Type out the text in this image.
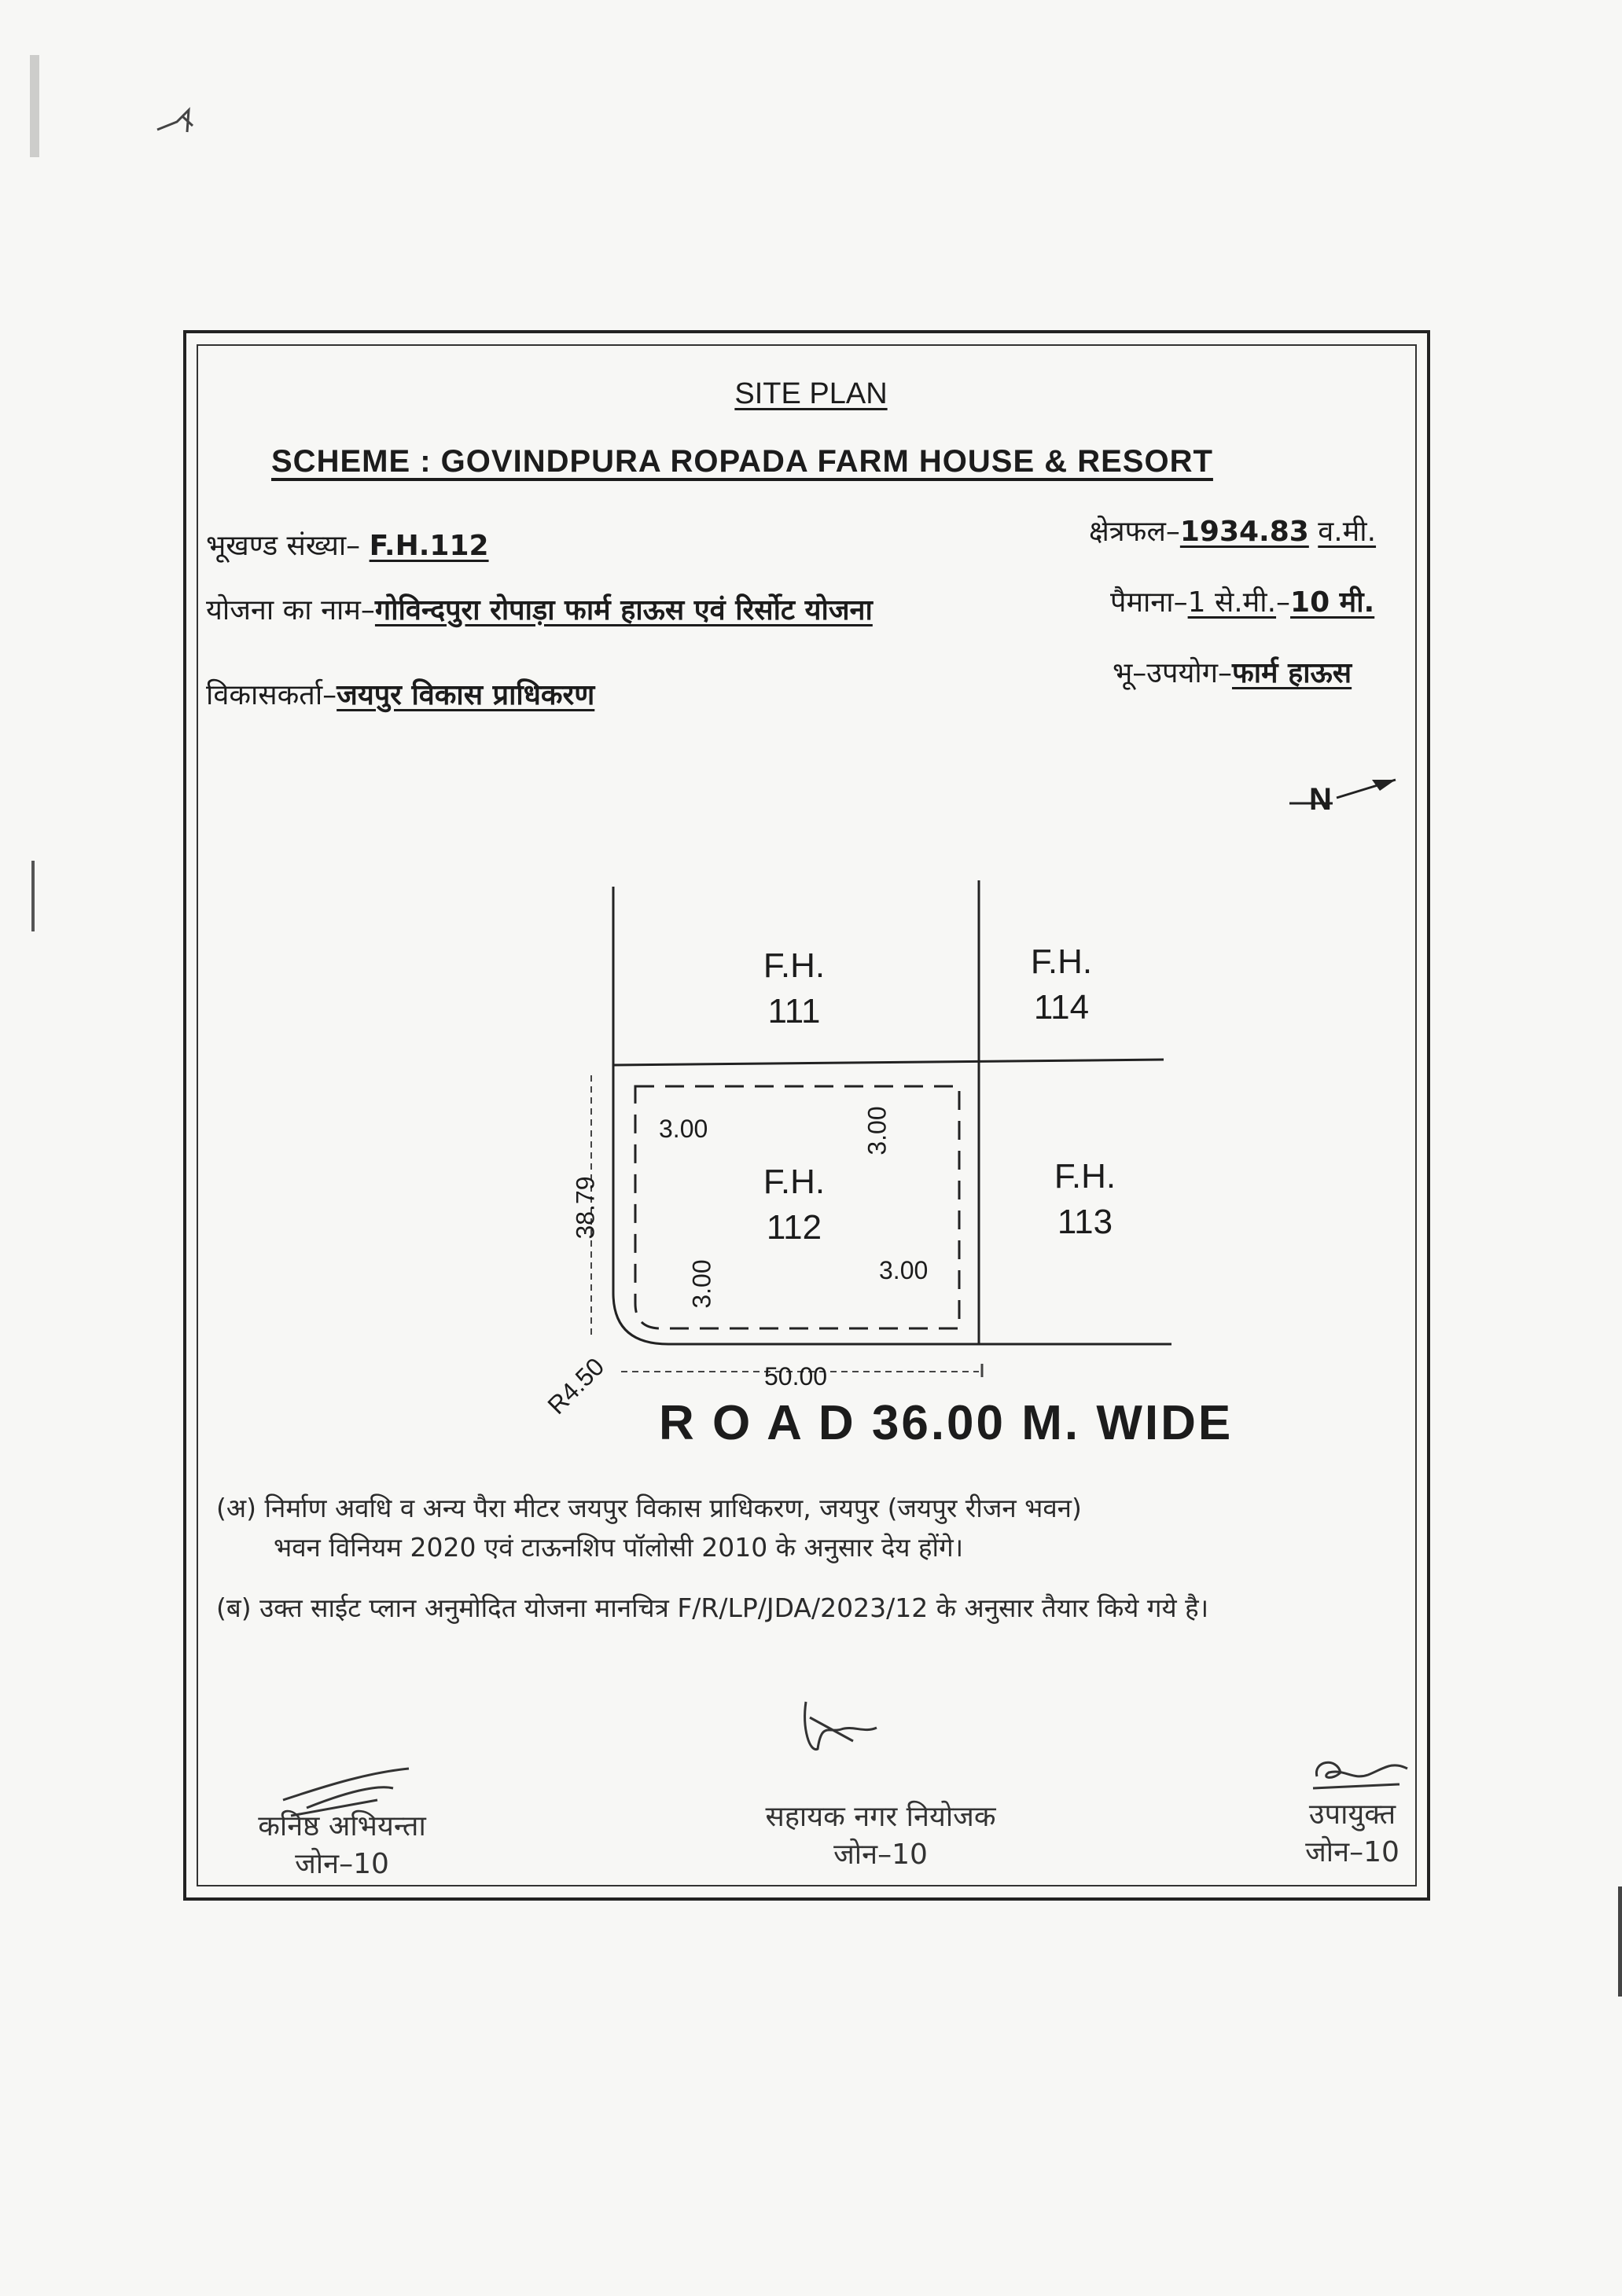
SITE PLAN
SCHEME : GOVINDPURA ROPADA FARM HOUSE & RESORT
भूखण्ड संख्या– F.H.112	क्षेत्रफल–1934.83 व.मी.
योजना का नाम–गोविन्दपुरा रोपाड़ा फार्म हाऊस एवं रिर्सोट योजना	पैमाना–1 से.मी.–10 मी.
विकासकर्ता–जयपुर विकास प्राधिकरण
भू–उपयोग–फार्म हाऊस
F.H.
111
F.H.
114
F.H.
112
F.H.
113
3.00	3.00
3.00	3.00
38.79
50.00
R4.50
R O A D 36.00 M. WIDE
(अ) निर्माण अवधि व अन्य पैरा मीटर जयपुर विकास प्राधिकरण, जयपुर (जयपुर रीजन भवन)
भवन विनियम 2020 एवं टाऊनशिप पॉलोसी 2010 के अनुसार देय होंगे।
(ब) उक्त साईट प्लान अनुमोदित योजना मानचित्र F/R/LP/JDA/2023/12 के अनुसार तैयार किये गये है।
कनिष्ठ अभियन्ता
जोन–10
सहायक नगर नियोजक
जोन–10
उपायुक्त
जोन–10
N
